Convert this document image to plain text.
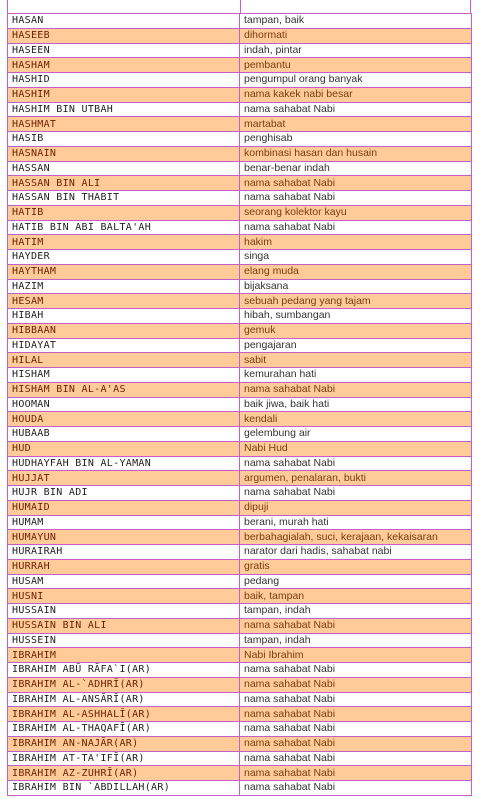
HASAN	tampan, baik
HASEEB	dihormati
HASEEN	indah, pintar
HASHAM	pembantu
HASHID	pengumpul orang banyak
HASHIM	nama kakek nabi besar
HASHIM BIN UTBAH	nama sahabat Nabi
HASHMAT	martabat
HASIB	penghisab
HASNAIN	kombinasi hasan dan husain
HASSAN	benar-benar indah
HASSAN BIN ALI	nama sahabat Nabi
HASSAN BIN THABIT	nama sahabat Nabi
HATIB	seorang kolektor kayu
HATIB BIN ABI BALTA'AH	nama sahabat Nabi
HATIM	hakim
HAYDER	singa
HAYTHAM	elang muda
HAZIM	bijaksana
HESAM	sebuah pedang yang tajam
HIBAH	hibah, sumbangan
HIBBAAN	gemuk
HIDAYAT	pengajaran
HILAL	sabit
HISHAM	kemurahan hati
HISHAM BIN AL-A'AS	nama sahabat Nabi
HOOMAN	baik jiwa, baik hati
HOUDA	kendali
HUBAAB	gelembung air
HUD	Nabi Hud
HUDHAYFAH BIN AL-YAMAN	nama sahabat Nabi
HUJJAT	argumen, penalaran, bukti
HUJR BIN ADI	nama sahabat Nabi
HUMAID	dipuji
HUMAM	berani, murah hati
HUMAYUN	berbahagialah, suci, kerajaan, kekaisaran
HURAIRAH	narator dari hadis, sahabat nabi
HURRAH	gratis
HUSAM	pedang
HUSNI	baik, tampan
HUSSAIN	tampan, indah
HUSSAIN BIN ALI	nama sahabat Nabi
HUSSEIN	tampan, indah
IBRAHIM	Nabi Ibrahim
IBRAHIM ABŪ RĀFA`I(AR)	nama sahabat Nabi
IBRAHIM AL-`ADHRĪ(AR)	nama sahabat Nabi
IBRAHIM AL-ANSĀRĪ(AR)	nama sahabat Nabi
IBRAHIM AL-ASHHALĪ(AR)	nama sahabat Nabi
IBRAHIM AL-THAQAFĪ(AR)	nama sahabat Nabi
IBRAHIM AN-NAJĀR(AR)	nama sahabat Nabi
IBRAHIM AT-TA'IFĪ(AR)	nama sahabat Nabi
IBRAHIM AZ-ZUHRĪ(AR)	nama sahabat Nabi
IBRAHIM BIN `ABDILLAH(AR)	nama sahabat Nabi
